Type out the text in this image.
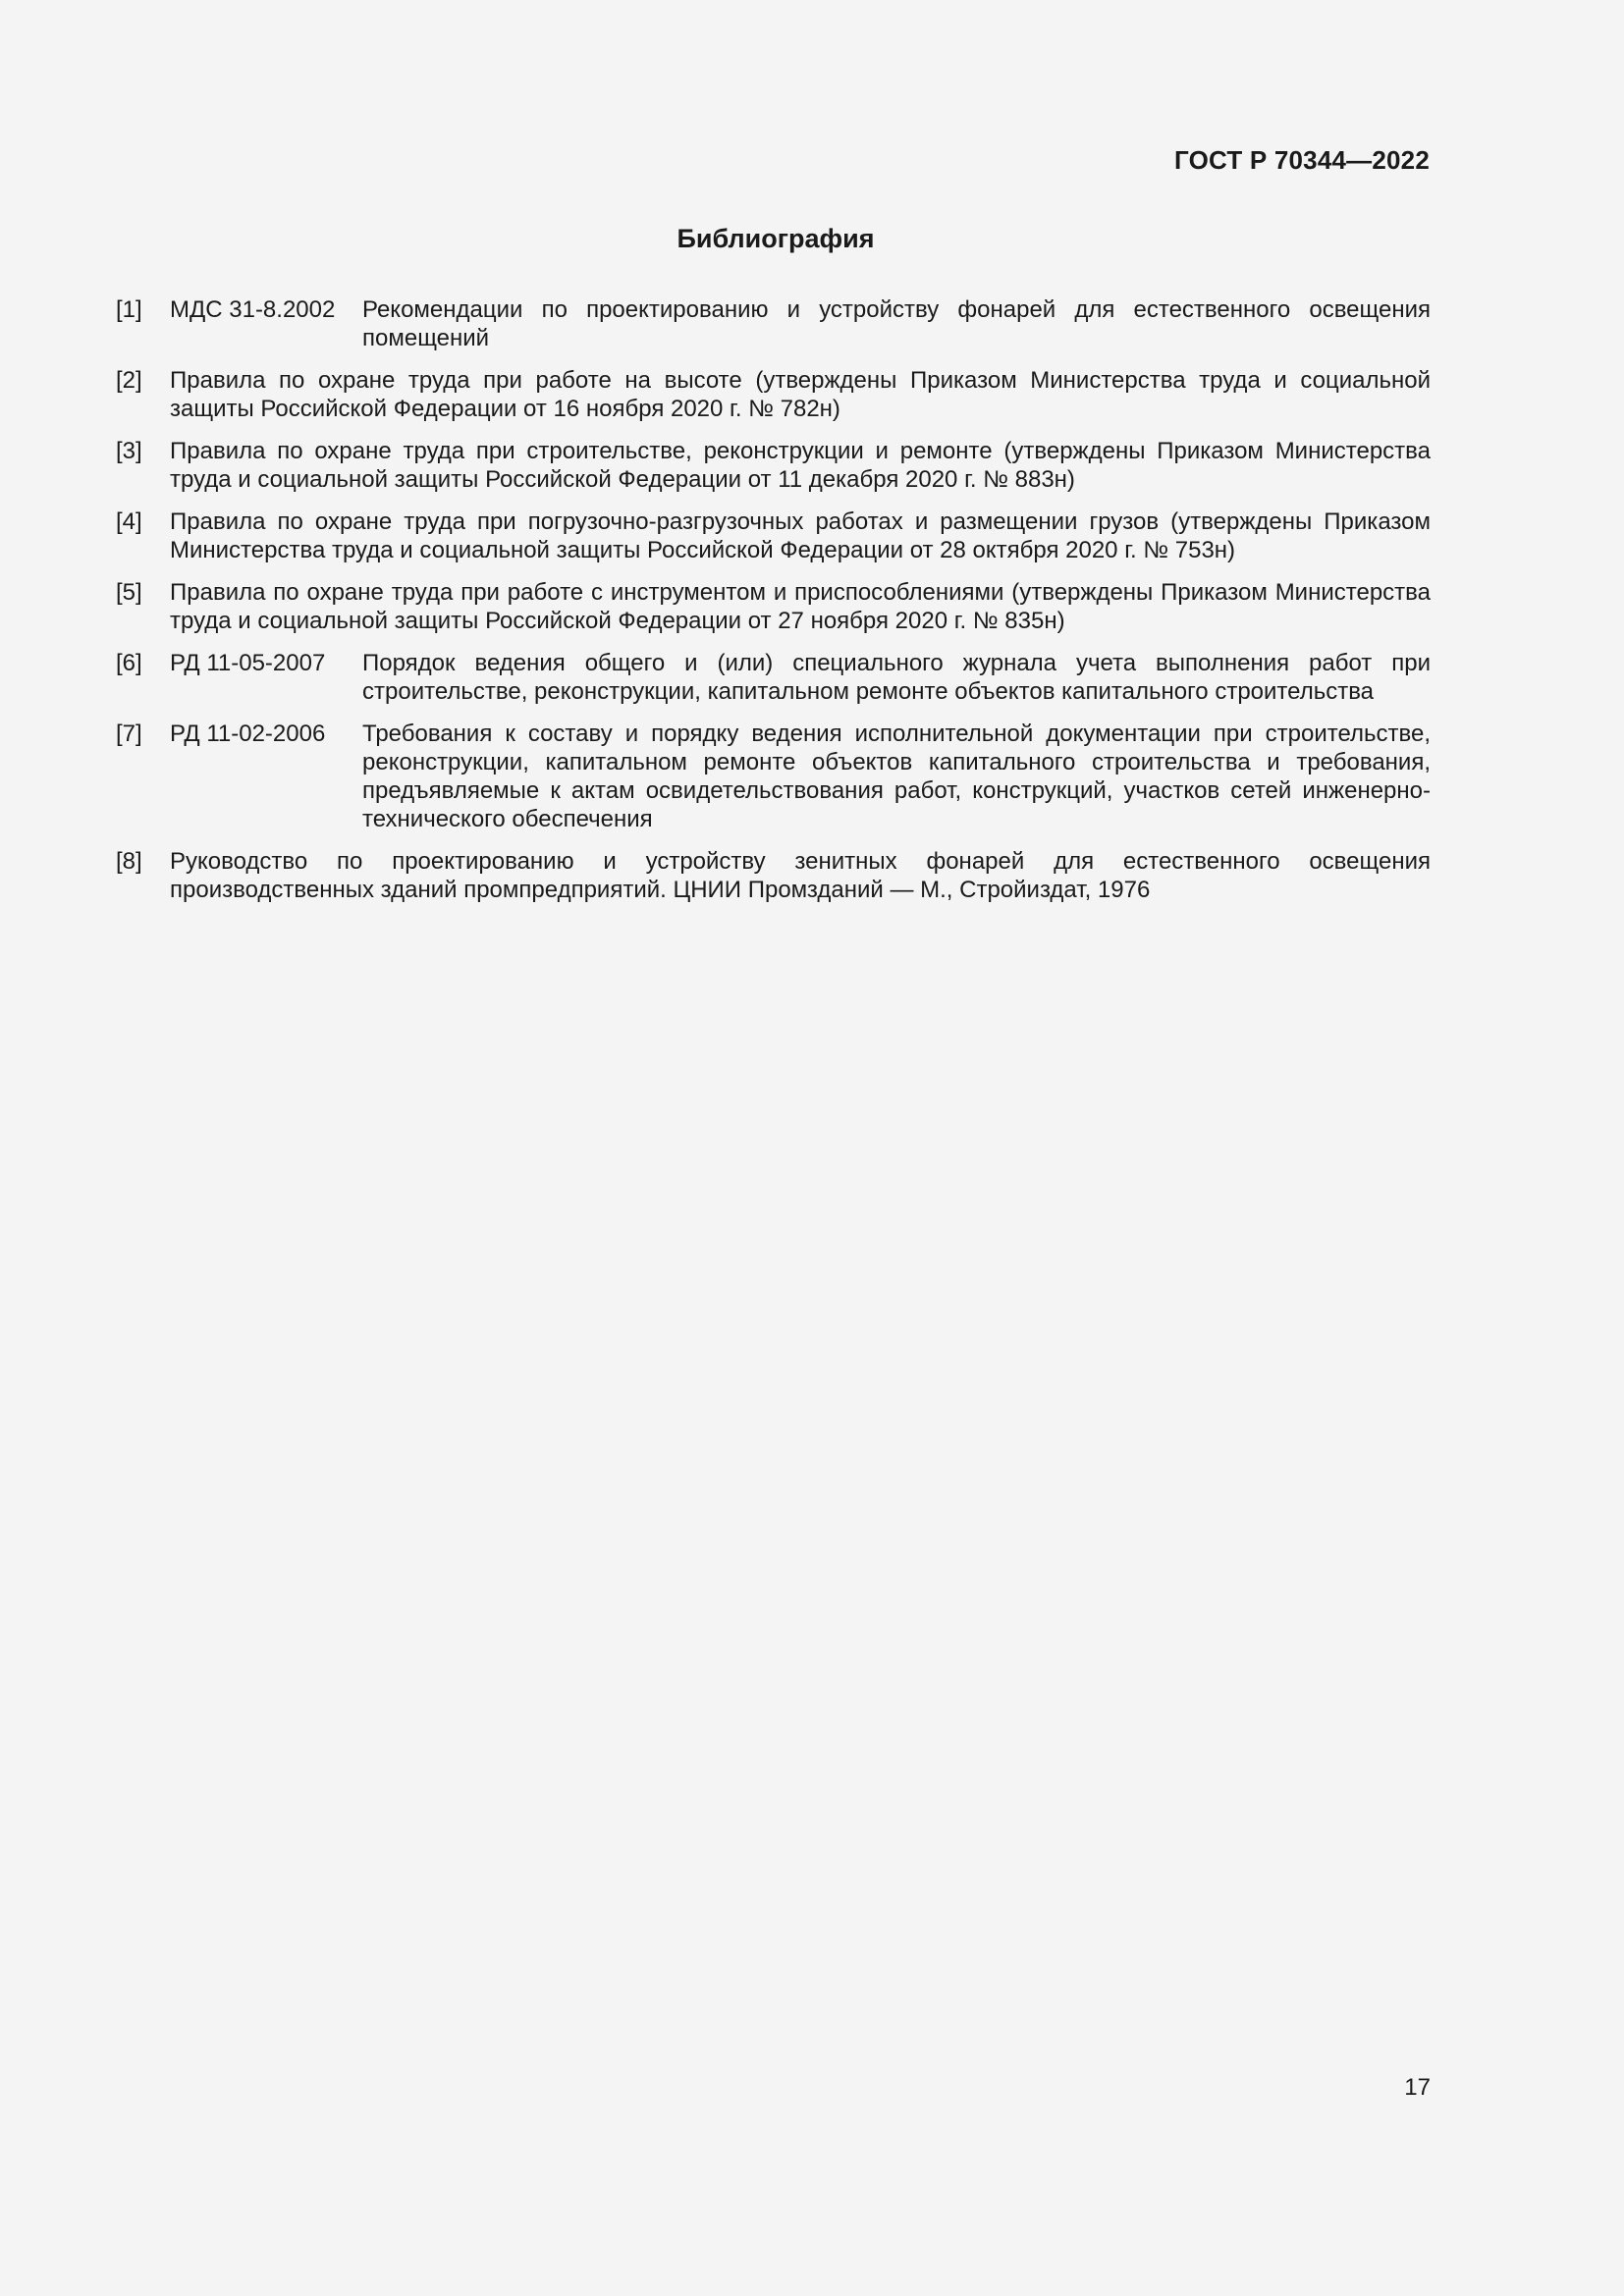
ГОСТ Р 70344—2022
Библиография
[1]	МДС 31-8.2002	Рекомендации по проектированию и устройству фонарей для естественного освещения помещений
[2]	Правила по охране труда при работе на высоте (утверждены Приказом Министерства труда и социальной защиты Российской Федерации от 16 ноября 2020 г. № 782н)
[3]	Правила по охране труда при строительстве, реконструкции и ремонте (утверждены Приказом Министерства труда и социальной защиты Российской Федерации от 11 декабря 2020 г. № 883н)
[4]	Правила по охране труда при погрузочно-разгрузочных работах и размещении грузов (утверждены Приказом Министерства труда и социальной защиты Российской Федерации от 28 октября 2020 г. № 753н)
[5]	Правила по охране труда при работе с инструментом и приспособлениями (утверждены Приказом Министерства труда и социальной защиты Российской Федерации от 27 ноября 2020 г. № 835н)
[6]	РД 11-05-2007	Порядок ведения общего и (или) специального журнала учета выполнения работ при строительстве, реконструкции, капитальном ремонте объектов капитального строительства
[7]	РД 11-02-2006	Требования к составу и порядку ведения исполнительной документации при строительстве, реконструкции, капитальном ремонте объектов капитального строительства и требования, предъявляемые к актам освидетельствования работ, конструкций, участков сетей инженерно-технического обеспечения
[8]	Руководство по проектированию и устройству зенитных фонарей для естественного освещения производственных зданий промпредприятий. ЦНИИ Промзданий — М., Стройиздат, 1976
17
